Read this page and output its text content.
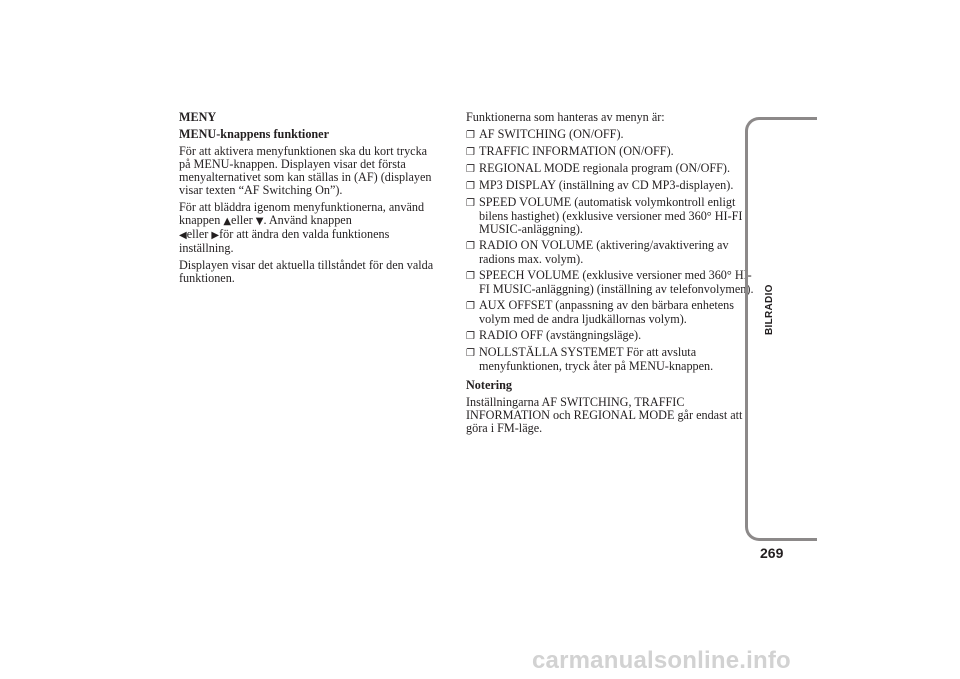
MENY
MENU-knappens funktioner
För att aktivera menyfunktionen ska du kort trycka på MENU-knappen. Displayen visar det första menyalternativet som kan ställas in (AF) (displayen visar texten “AF Switching On”).
För att bläddra igenom menyfunktionerna, använd knappen ▲eller ▼. Använd knappen
◀eller ▶för att ändra den valda funktionens inställning.
Displayen visar det aktuella tillståndet för den valda funktionen.
Funktionerna som hanteras av menyn är:
❐ AF SWITCHING (ON/OFF).
❐ TRAFFIC INFORMATION (ON/OFF).
❐ REGIONAL MODE regionala program (ON/OFF).
❐ MP3 DISPLAY (inställning av CD MP3-displayen).
❐ SPEED VOLUME (automatisk volymkontroll enligt bilens hastighet) (exklusive versioner med 360° HI-FI MUSIC-anläggning).
❐ RADIO ON VOLUME (aktivering/avaktivering av radions max. volym).
❐ SPEECH VOLUME (exklusive versioner med 360° HI-FI MUSIC-anläggning) (inställning av telefonvolymen).
❐ AUX OFFSET (anpassning av den bärbara enhetens volym med de andra ljudkällornas volym).
❐ RADIO OFF (avstängningsläge).
❐ NOLLSTÄLLA SYSTEMET För att avsluta menyfunktionen, tryck åter på MENU-knappen.
Notering
Inställningarna AF SWITCHING, TRAFFIC INFORMATION och REGIONAL MODE går endast att göra i FM-läge.
BILRADIO
269
carmanualsonline.info
